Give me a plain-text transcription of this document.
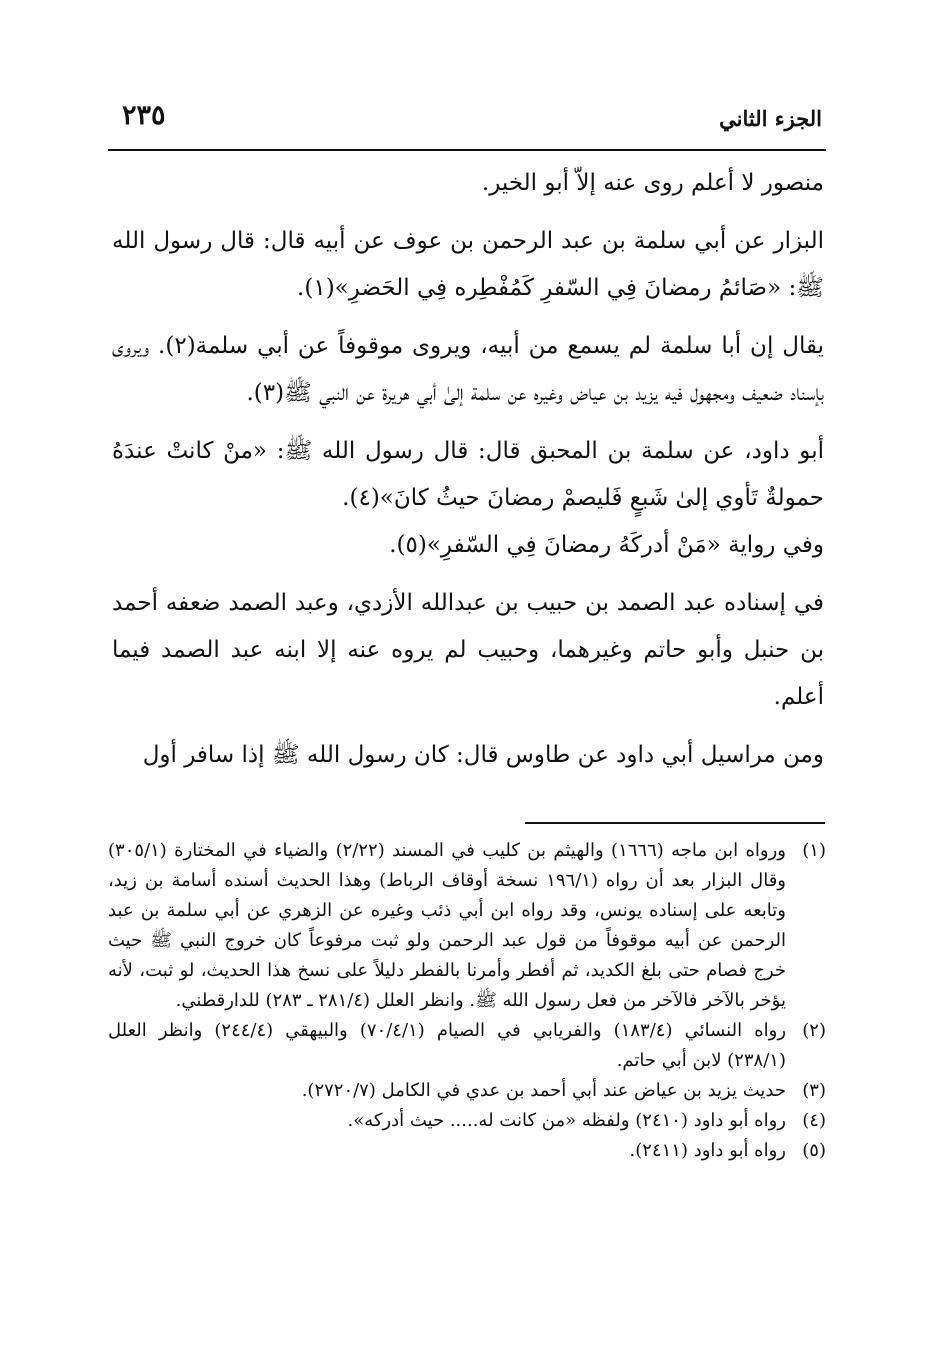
الجزء الثاني
٢٣٥

منصور لا أعلم روى عنه إلاّ أبو الخير.

البزار عن أبي سلمة بن عبد الرحمن بن عوف عن أبيه قال: قال رسول الله ﷺ: «صَائمُ رمضانَ فِي السّفرِ كَمُفْطِره فِي الحَضرِ»(١).

يقال إن أبا سلمة لم يسمع من أبيه، ويروى موقوفاً عن أبي سلمة(٢). ويروى بإسناد ضعيف ومجهول فيه يزيد بن عياض وغيره عن سلمة إلىٰ أبي هريرة عن النبي ﷺ(٣).

أبو داود، عن سلمة بن المحبق قال: قال رسول الله ﷺ: «منْ كانتْ عندَهُ حمولةٌ تَأوي إلىٰ شَبعٍ فَليصمْ رمضانَ حيثُ كانَ»(٤).

وفي رواية «مَنْ أدركَهُ رمضانَ فِي السّفرِ»(٥).

في إسناده عبد الصمد بن حبيب بن عبدالله الأزدي، وعبد الصمد ضعفه أحمد بن حنبل وأبو حاتم وغيرهما، وحبيب لم يروه عنه إلا ابنه عبد الصمد فيما أعلم.

ومن مراسيل أبي داود عن طاوس قال: كان رسول الله ﷺ إذا سافر أول

(١)
ورواه ابن ماجه (١٦٦٦) والهيثم بن كليب في المسند (٢/٢٢) والضياء في المختارة (٣٠٥/١) وقال البزار بعد أن رواه (١٩٦/١ نسخة أوقاف الرباط) وهذا الحديث أسنده أسامة بن زيد، وتابعه على إسناده يونس، وقد رواه ابن أبي ذئب وغيره عن الزهري عن أبي سلمة بن عبد الرحمن عن أبيه موقوفاً من قول عبد الرحمن ولو ثبت مرفوعاً كان خروج النبي ﷺ حيث خرج فصام حتى بلغ الكديد، ثم أفطر وأمرنا بالفطر دليلاً على نسخ هذا الحديث، لو ثبت، لأنه يؤخر بالآخر فالآخر من فعل رسول الله ﷺ. وانظر العلل (٢٨١/٤ ـ ٢٨٣) للدارقطني.
(٢)
رواه النسائي (١٨٣/٤) والفريابي في الصيام (٧٠/٤/١) والبيهقي (٢٤٤/٤) وانظر العلل (٢٣٨/١) لابن أبي حاتم.
(٣)
حديث يزيد بن عياض عند أبي أحمد بن عدي في الكامل (٢٧٢٠/٧).
(٤)
رواه أبو داود (٢٤١٠) ولفظه «من كانت له..... حيث أدركه».
(٥)
رواه أبو داود (٢٤١١).
